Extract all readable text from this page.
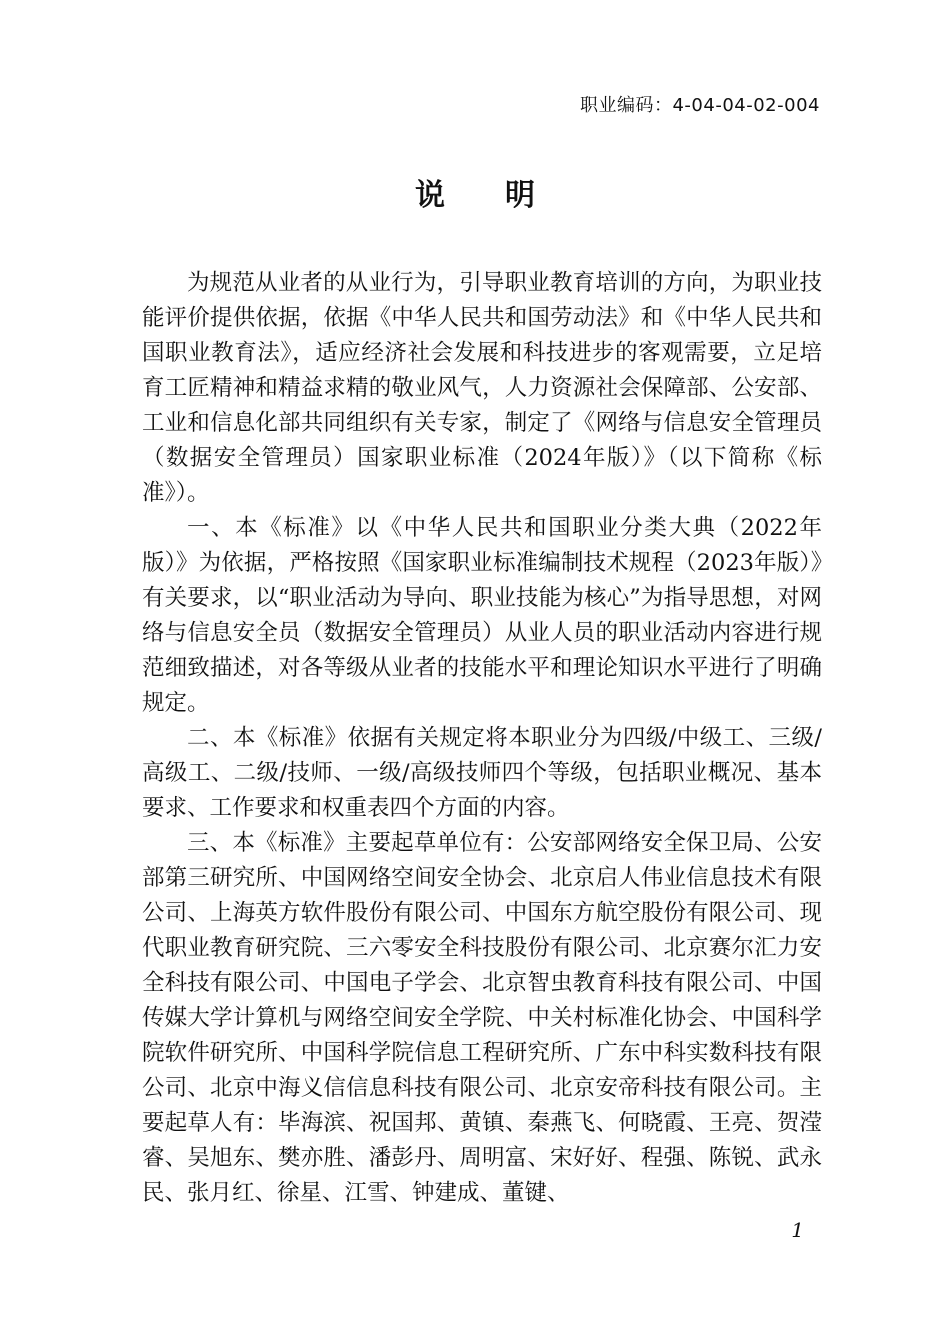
职业编码：4-04-04-02-004
说明

为规范从业者的从业行为，引导职业教育培训的方向，为职业技能评价提供依据，依据《中华人民共和国劳动法》和《中华人民共和国职业教育法》，适应经济社会发展和科技进步的客观需要，立足培育工匠精神和精益求精的敬业风气，人力资源社会保障部、公安部、工业和信息化部共同组织有关专家，制定了《网络与信息安全管理员（数据安全管理员）国家职业标准（2024年版）》（以下简称《标准》）。

一、本《标准》以《中华人民共和国职业分类大典（2022年版）》为依据，严格按照《国家职业标准编制技术规程（2023年版）》有关要求，以“职业活动为导向、职业技能为核心”为指导思想，对网络与信息安全员（数据安全管理员）从业人员的职业活动内容进行规范细致描述，对各等级从业者的技能水平和理论知识水平进行了明确规定。

二、本《标准》依据有关规定将本职业分为四级/中级工、三级/高级工、二级/技师、一级/高级技师四个等级，包括职业概况、基本要求、工作要求和权重表四个方面的内容。

三、本《标准》主要起草单位有：公安部网络安全保卫局、公安部第三研究所、中国网络空间安全协会、北京启人伟业信息技术有限公司、上海英方软件股份有限公司、中国东方航空股份有限公司、现代职业教育研究院、三六零安全科技股份有限公司、北京赛尔汇力安全科技有限公司、中国电子学会、北京智虫教育科技有限公司、中国传媒大学计算机与网络空间安全学院、中关村标准化协会、中国科学院软件研究所、中国科学院信息工程研究所、广东中科实数科技有限公司、北京中海义信信息科技有限公司、北京安帝科技有限公司。主要起草人有：毕海滨、祝国邦、黄镇、秦燕飞、何晓霞、王亮、贺滢睿、吴旭东、樊亦胜、潘彭丹、周明富、宋好好、程强、陈锐、武永民、张月红、徐星、江雪、钟建成、董键、

1
